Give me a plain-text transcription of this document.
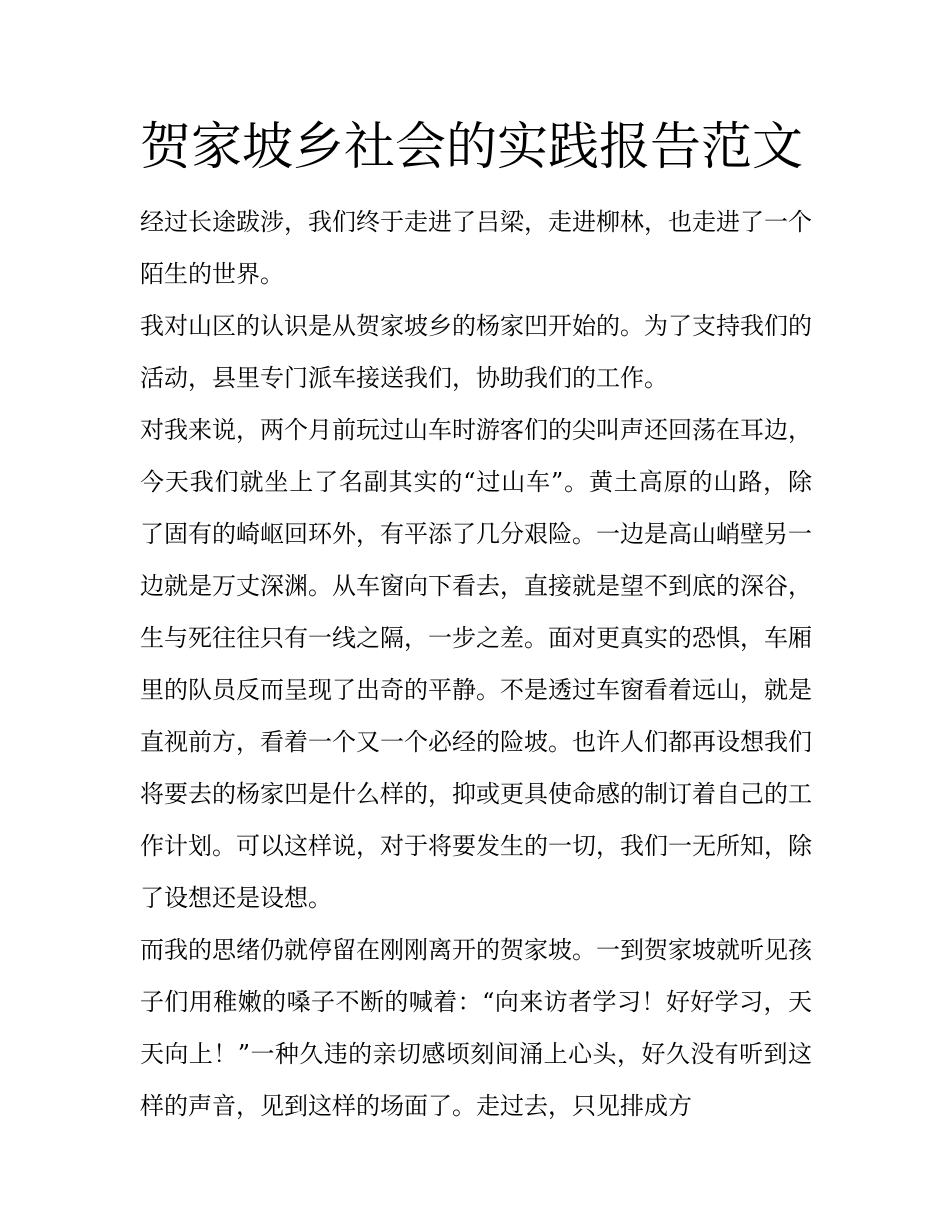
贺家坡乡社会的实践报告范文

经过长途跋涉，我们终于走进了吕梁，走进柳林，也走进了一个陌生的世界。

我对山区的认识是从贺家坡乡的杨家凹开始的。为了支持我们的活动，县里专门派车接送我们，协助我们的工作。

对我来说，两个月前玩过山车时游客们的尖叫声还回荡在耳边，今天我们就坐上了名副其实的“过山车”。黄土高原的山路，除了固有的崎岖回环外，有平添了几分艰险。一边是高山峭壁另一边就是万丈深渊。从车窗向下看去，直接就是望不到底的深谷，生与死往往只有一线之隔，一步之差。面对更真实的恐惧，车厢里的队员反而呈现了出奇的平静。不是透过车窗看着远山，就是直视前方，看着一个又一个必经的险坡。也许人们都再设想我们将要去的杨家凹是什么样的，抑或更具使命感的制订着自己的工作计划。可以这样说，对于将要发生的一切，我们一无所知，除了设想还是设想。

而我的思绪仍就停留在刚刚离开的贺家坡。一到贺家坡就听见孩子们用稚嫩的嗓子不断的喊着：“向来访者学习！好好学习，天天向上！”一种久违的亲切感顷刻间涌上心头，好久没有听到这样的声音，见到这样的场面了。走过去，只见排成方
